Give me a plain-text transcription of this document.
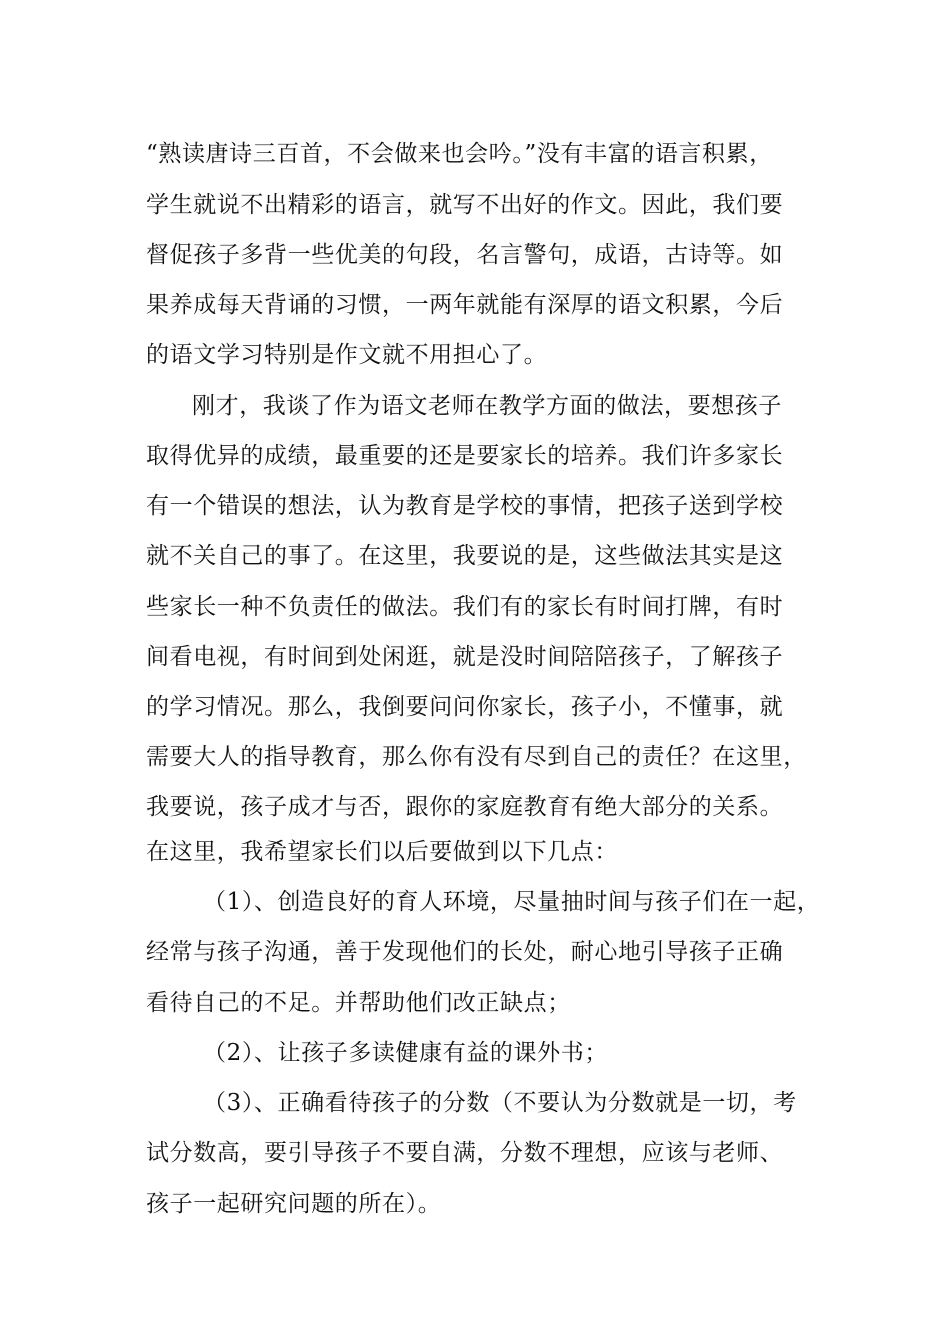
“熟读唐诗三百首，不会做来也会吟。”没有丰富的语言积累，
学生就说不出精彩的语言，就写不出好的作文。因此，我们要
督促孩子多背一些优美的句段，名言警句，成语，古诗等。如
果养成每天背诵的习惯，一两年就能有深厚的语文积累，今后
的语文学习特别是作文就不用担心了。
刚才，我谈了作为语文老师在教学方面的做法，要想孩子
取得优异的成绩，最重要的还是要家长的培养。我们许多家长
有一个错误的想法，认为教育是学校的事情，把孩子送到学校
就不关自己的事了。在这里，我要说的是，这些做法其实是这
些家长一种不负责任的做法。我们有的家长有时间打牌，有时
间看电视，有时间到处闲逛，就是没时间陪陪孩子，了解孩子
的学习情况。那么，我倒要问问你家长，孩子小，不懂事，就
需要大人的指导教育，那么你有没有尽到自己的责任？在这里，
我要说，孩子成才与否，跟你的家庭教育有绝大部分的关系。
在这里，我希望家长们以后要做到以下几点：
（1）、创造良好的育人环境，尽量抽时间与孩子们在一起，
经常与孩子沟通，善于发现他们的长处，耐心地引导孩子正确
看待自己的不足。并帮助他们改正缺点；
（2）、让孩子多读健康有益的课外书；
（3）、正确看待孩子的分数（不要认为分数就是一切，考
试分数高，要引导孩子不要自满，分数不理想，应该与老师、
孩子一起研究问题的所在）。
